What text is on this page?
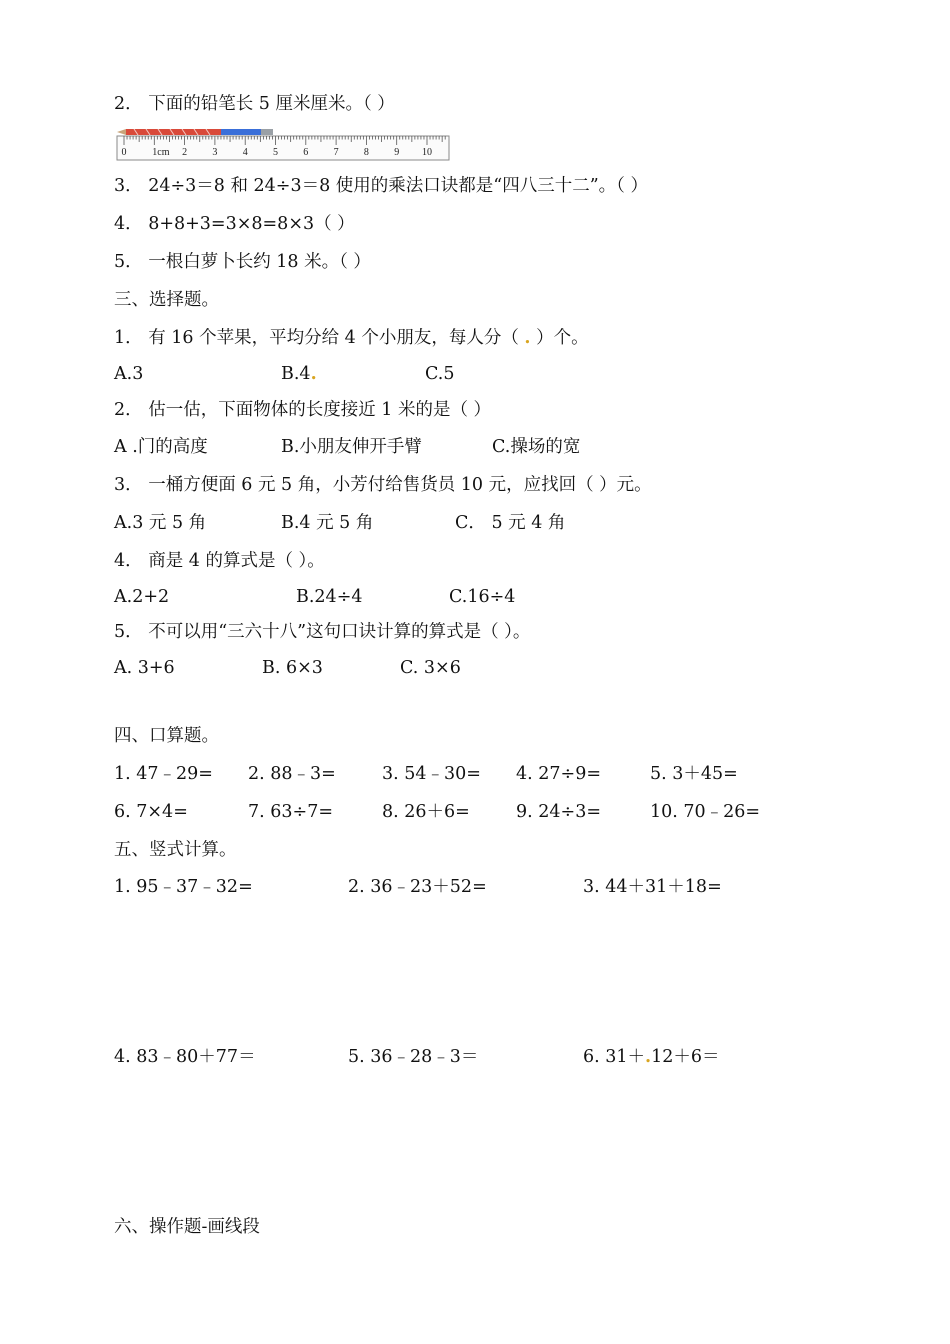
2． 下面的铅笔长 5 厘米厘米。（ ）
0	1cm 2	3	4	5	6	7	8	9 10
3． 24÷3＝8 和 24÷3＝8 使用的乘法口诀都是“四八三十二”。（ ）
4． 8+8+3=3×8=8×3（ ）
5． 一根白萝卜长约 18 米。（ ）
三、选择题。
1． 有 16 个苹果，平均分给 4 个小朋友，每人分（ . ）个。
A.3	B.4.	C.5
2． 估一估，下面物体的长度接近 1 米的是（ ）
A .门的高度	B.小朋友伸开手臂	C.操场的宽
3． 一桶方便面 6 元 5 角，小芳付给售货员 10 元，应找回（ ）元。
A.3 元 5 角	B.4 元 5 角	C． 5 元 4 角
4． 商是 4 的算式是（ ）。
A.2+2	B.24÷4	C.16÷4
5． 不可以用“三六十八”这句口诀计算的算式是（ ）。
A. 3+6	B. 6×3	C. 3×6
四、口算题。
1. 47﹣29= 2. 88﹣3=	3. 54﹣30= 4. 27÷9=	5. 3＋45=
6. 7×4=	7. 63÷7=	8. 26＋6=	9. 24÷3=	10. 70﹣26=
五、竖式计算。
1. 95﹣37﹣32=	2. 36﹣23＋52=	3. 44＋31＋18=
4. 83﹣80＋77＝	5. 36﹣28﹣3＝	6. 31＋.12＋6＝
六、操作题-画线段
